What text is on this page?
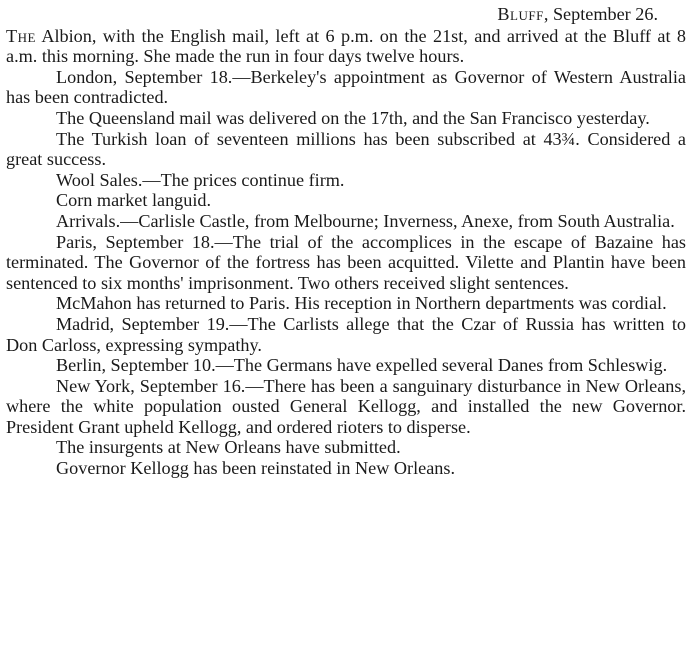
Bluff, September 26.

The Albion, with the English mail, left at 6 p.m. on the 21st, and arrived at the Bluff at 8 a.m. this morning. She made the run in four days twelve hours.

London, September 18.—Berkeley's appointment as Governor of Western Australia has been contradicted.

The Queensland mail was delivered on the 17th, and the San Francisco yesterday.

The Turkish loan of seventeen millions has been subscribed at 43¾. Considered a great success.

Wool Sales.—The prices continue firm.

Corn market languid.

Arrivals.—Carlisle Castle, from Melbourne; Inverness, Anexe, from South Australia.

Paris, September 18.—The trial of the accomplices in the escape of Bazaine has terminated. The Governor of the fortress has been acquitted. Vilette and Plantin have been sentenced to six months' imprisonment. Two others received slight sentences.

McMahon has returned to Paris. His reception in Northern departments was cordial.

Madrid, September 19.—The Carlists allege that the Czar of Russia has written to Don Carloss, expressing sympathy.

Berlin, September 10.—The Germans have expelled several Danes from Schleswig.

New York, September 16.—There has been a sanguinary disturbance in New Orleans, where the white population ousted General Kellogg, and installed the new Governor. President Grant upheld Kellogg, and ordered rioters to disperse.

The insurgents at New Orleans have submitted.

Governor Kellogg has been reinstated in New Orleans.
